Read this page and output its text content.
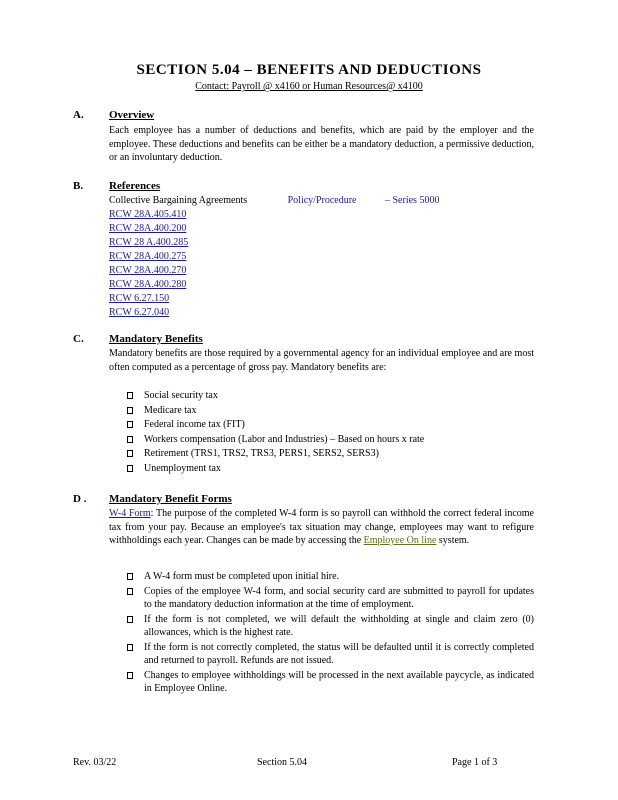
SECTION 5.04 – BENEFITS AND DEDUCTIONS
Contact: Payroll @ x4160 or Human Resources@ x4100
A. Overview
Each employee has a number of deductions and benefits, which are paid by the employer and the employee. These deductions and benefits can be either be a mandatory deduction, a permissive deduction, or an involuntary deduction.
B. References
Collective Bargaining Agreements	Policy/Procedure	– Series 5000
RCW 28A.405.410
RCW 28A.400.200
RCW 28 A.400.285
RCW 28A.400.275
RCW 28A.400.270
RCW 28A.400.280
RCW 6.27.150
RCW 6.27.040
C. Mandatory Benefits
Mandatory benefits are those required by a governmental agency for an individual employee and are most often computed as a percentage of gross pay. Mandatory benefits are:
Social security tax
Medicare tax
Federal income tax (FIT)
Workers compensation (Labor and Industries) – Based on hours x rate
Retirement (TRS1, TRS2, TRS3, PERS1, SERS2, SERS3)
Unemployment tax
D . Mandatory Benefit Forms
W-4 Form: The purpose of the completed W-4 form is so payroll can withhold the correct federal income tax from your pay. Because an employee's tax situation may change, employees may want to refigure withholdings each year. Changes can be made by accessing the Employee On line system.
A W-4 form must be completed upon initial hire.
Copies of the employee W-4 form, and social security card are submitted to payroll for updates to the mandatory deduction information at the time of employment.
If the form is not completed, we will default the withholding at single and claim zero (0) allowances, which is the highest rate.
If the form is not correctly completed, the status will be defaulted until it is correctly completed and returned to payroll. Refunds are not issued.
Changes to employee withholdings will be processed in the next available paycycle, as indicated in Employee Online.
Rev. 03/22	Section 5.04	Page 1 of 3
